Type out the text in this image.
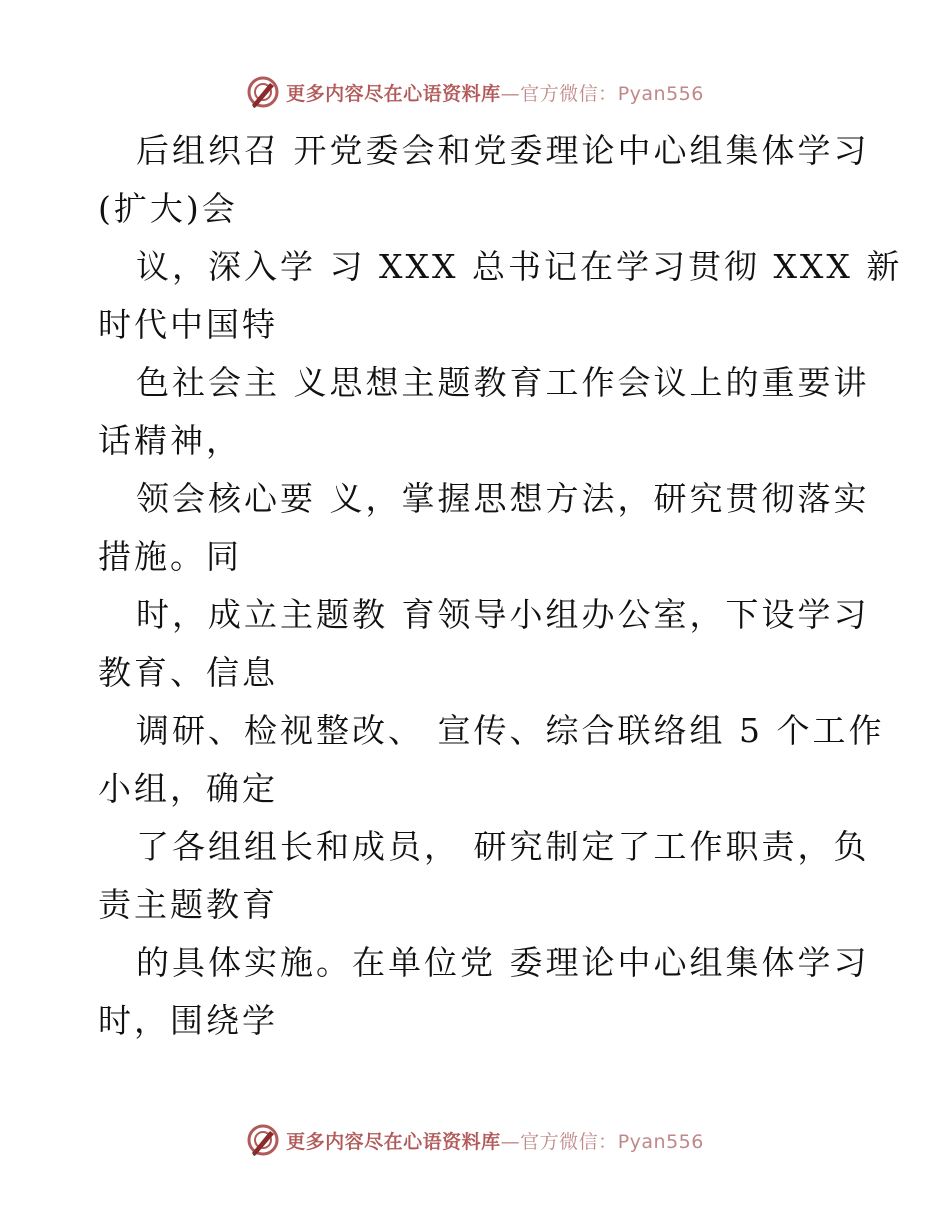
更多内容尽在心语资料库—官方微信：Pyan556

后组织召 开党委会和党委理论中心组集体学习

(扩大)会

议，深入学 习 XXX 总书记在学习贯彻 XXX 新

时代中国特

色社会主 义思想主题教育工作会议上的重要讲

话精神，

领会核心要 义，掌握思想方法，研究贯彻落实

措施。同

时，成立主题教 育领导小组办公室，下设学习

教育、信息

调研、检视整改、 宣传、综合联络组 5 个工作

小组，确定

了各组组长和成员， 研究制定了工作职责，负

责主题教育

的具体实施。在单位党 委理论中心组集体学习

时，围绕学

更多内容尽在心语资料库—官方微信：Pyan556
